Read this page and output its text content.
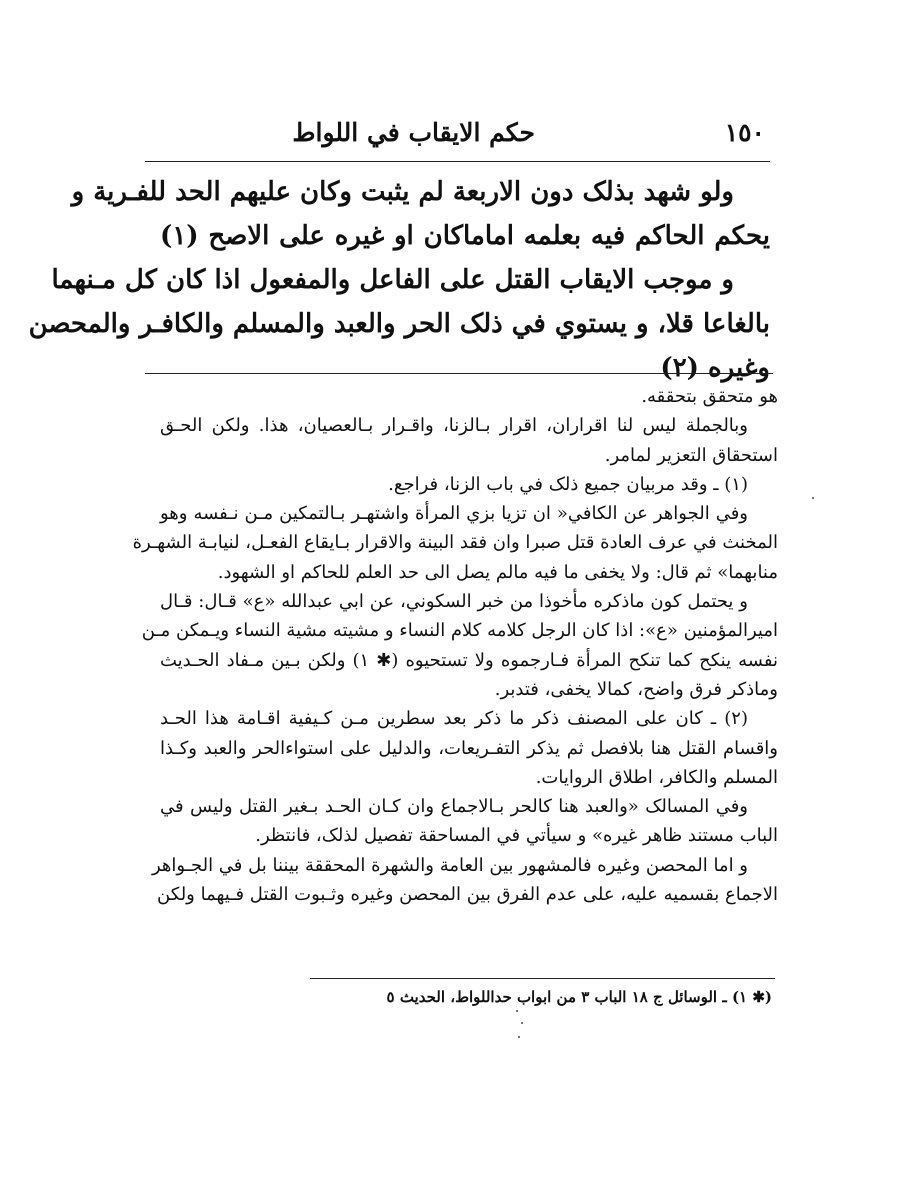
١٥٠
حكم الايقاب في اللواط
ولو شهد بذلک دون الاربعة لم يثبت وكان عليهم الحد للفـرية و
يحكم الحاكم فيه بعلمه اماماكان او غيره على الاصح (١)
و موجب الايقاب القتل على الفاعل والمفعول اذا كان كل مـنهما
بالغاعا قلا، و يستوي في ذلک الحر والعبد والمسلم والكافـر والمحصن
وغيره (٢)
هو متحقق بتحققه.
وبالجملة ليس لنا اقراران، اقرار بـالزنا، واقـرار بـالعصيان، هذا. ولكن الحـق
استحقاق التعزير لمامر.
(١) ـ وقد مربيان جميع ذلک في باب الزنا، فراجع.
وفي الجواهر عن الكافي« ان تزيا بزي المرأة واشتهـر بـالتمكين مـن نـفسه وهو
المخنث في عرف العادة قتل صبرا وان فقد البينة والاقرار بـايقاع الفعـل، لنيابـة الشهـرة
منابهما» ثم قال: ولا يخفى ما فيه مالم يصل الى حد العلم للحاكم او الشهود.
و يحتمل كون ماذكره مأخوذا من خبر السكوني، عن ابي عبدالله «ع» قـال: قـال
اميرالمؤمنين «ع»: اذا كان الرجل كلامه كلام النساء و مشيته مشية النساء ويـمكن مـن
نفسه ينكح كما تنكح المرأة فـارجموه ولا تستحيوه (✱ ١) ولكن بـين مـفاد الحـديث
وماذكر فرق واضح، كمالا يخفى، فتدبر.
(٢) ـ كان على المصنف ذكر ما ذكر بعد سطرين مـن كـيفية اقـامة هذا الحـد
واقسام القتل هنا بلافصل ثم يذكر التفـريعات، والدليل على استواءالحر والعبد وكـذا
المسلم والكافر، اطلاق الروايات.
وفي المسالک «والعبد هنا كالحر بـالاجماع وان كـان الحـد بـغير القتل وليس في
الباب مستند ظاهر غيره» و سيأتي في المساحقة تفصيل لذلک، فانتظر.
و اما المحصن وغيره فالمشهور بين العامة والشهرة المحققة بيننا بل في الجـواهر
الاجماع بقسميه عليه، على عدم الفرق بين المحصن وغيره وثـبوت القتل فـيهما ولكن
(✱ ١) ـ الوسائل ج ١٨ الباب ٣ من ابواب حداللواط، الحديث ٥
